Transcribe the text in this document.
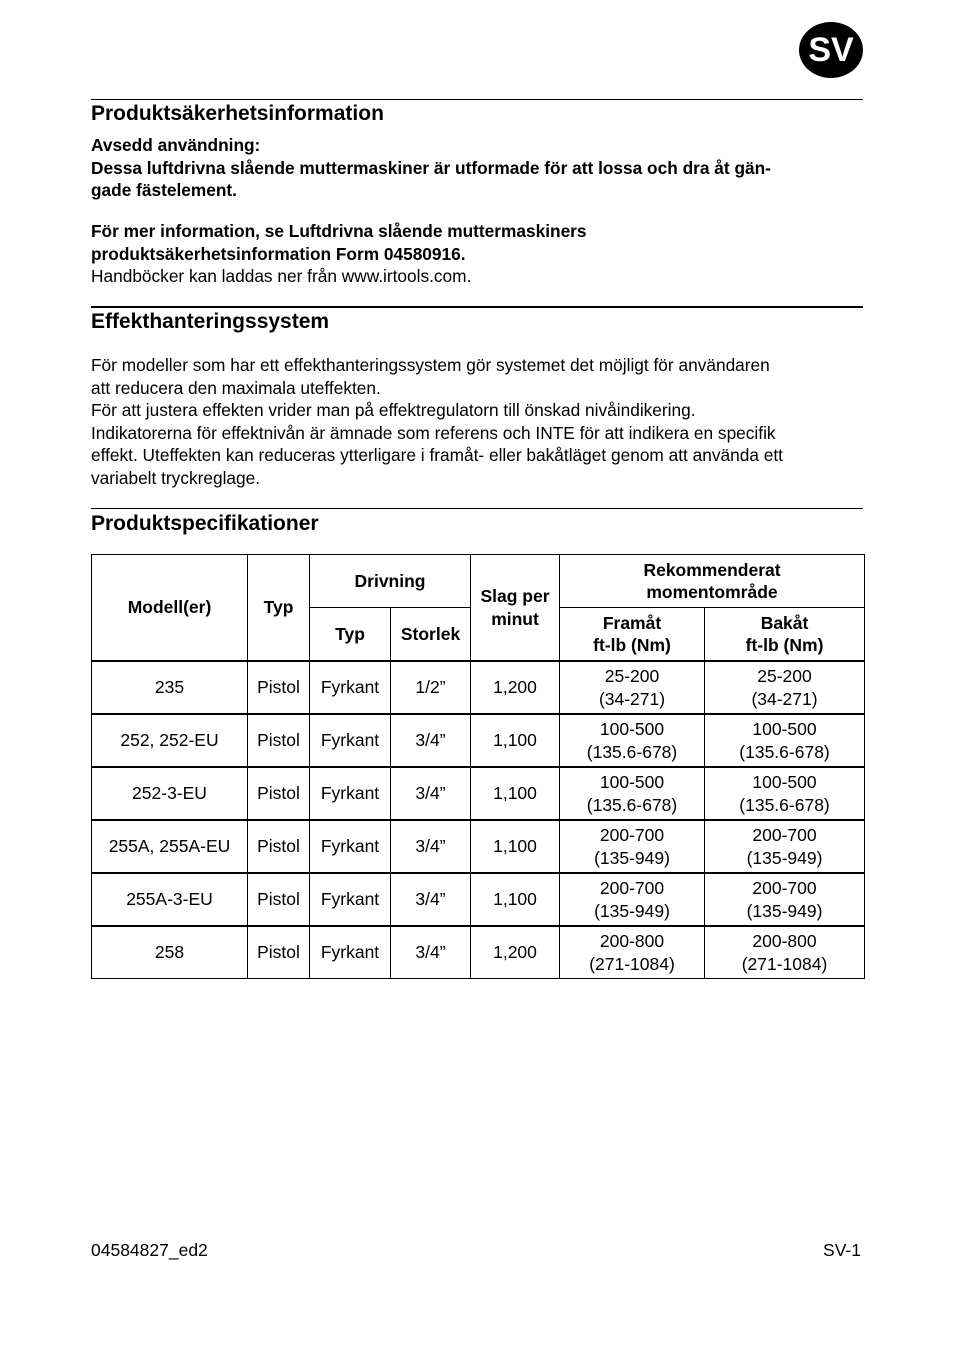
SV
Produktsäkerhetsinformation
Avsedd användning:
Dessa luftdrivna slående muttermaskiner är utformade för att lossa och dra åt gän-
gade fästelement.
För mer information, se Luftdrivna slående muttermaskiners
produktsäkerhetsinformation Form 04580916.
Handböcker kan laddas ner från www.irtools.com.
Effekthanteringssystem
För modeller som har ett effekthanteringssystem gör systemet det möjligt för användaren
att reducera den maximala uteffekten.
För att justera effekten vrider man på effektregulatorn till önskad nivåindikering.
Indikatorerna för effektnivån är ämnade som referens och INTE för att indikera en specifik
effekt. Uteffekten kan reduceras ytterligare i framåt- eller bakåtläget genom att använda ett
variabelt tryckreglage.
Produktspecifikationer
Modell(er)	Typ	Drivning		Slag per
minut	Rekommenderat
momentområde	

		Typ	Storlek		Framåt
ft-lb (Nm)	Bakåt
ft-lb (Nm)

235	Pistol	Fyrkant	1/2”	1,200	25-200
(34-271)	25-200
(34-271)

252, 252-EU	Pistol	Fyrkant	3/4”	1,100	100-500
(135.6-678)	100-500
(135.6-678)

252-3-EU	Pistol	Fyrkant	3/4”	1,100	100-500
(135.6-678)	100-500
(135.6-678)

255A, 255A-EU	Pistol	Fyrkant	3/4”	1,100	200-700
(135-949)	200-700
(135-949)

255A-3-EU	Pistol	Fyrkant	3/4”	1,100	200-700
(135-949)	200-700
(135-949)

258	Pistol	Fyrkant	3/4”	1,200	200-800
(271-1084)	200-800
(271-1084)
04584827_ed2	SV-1
